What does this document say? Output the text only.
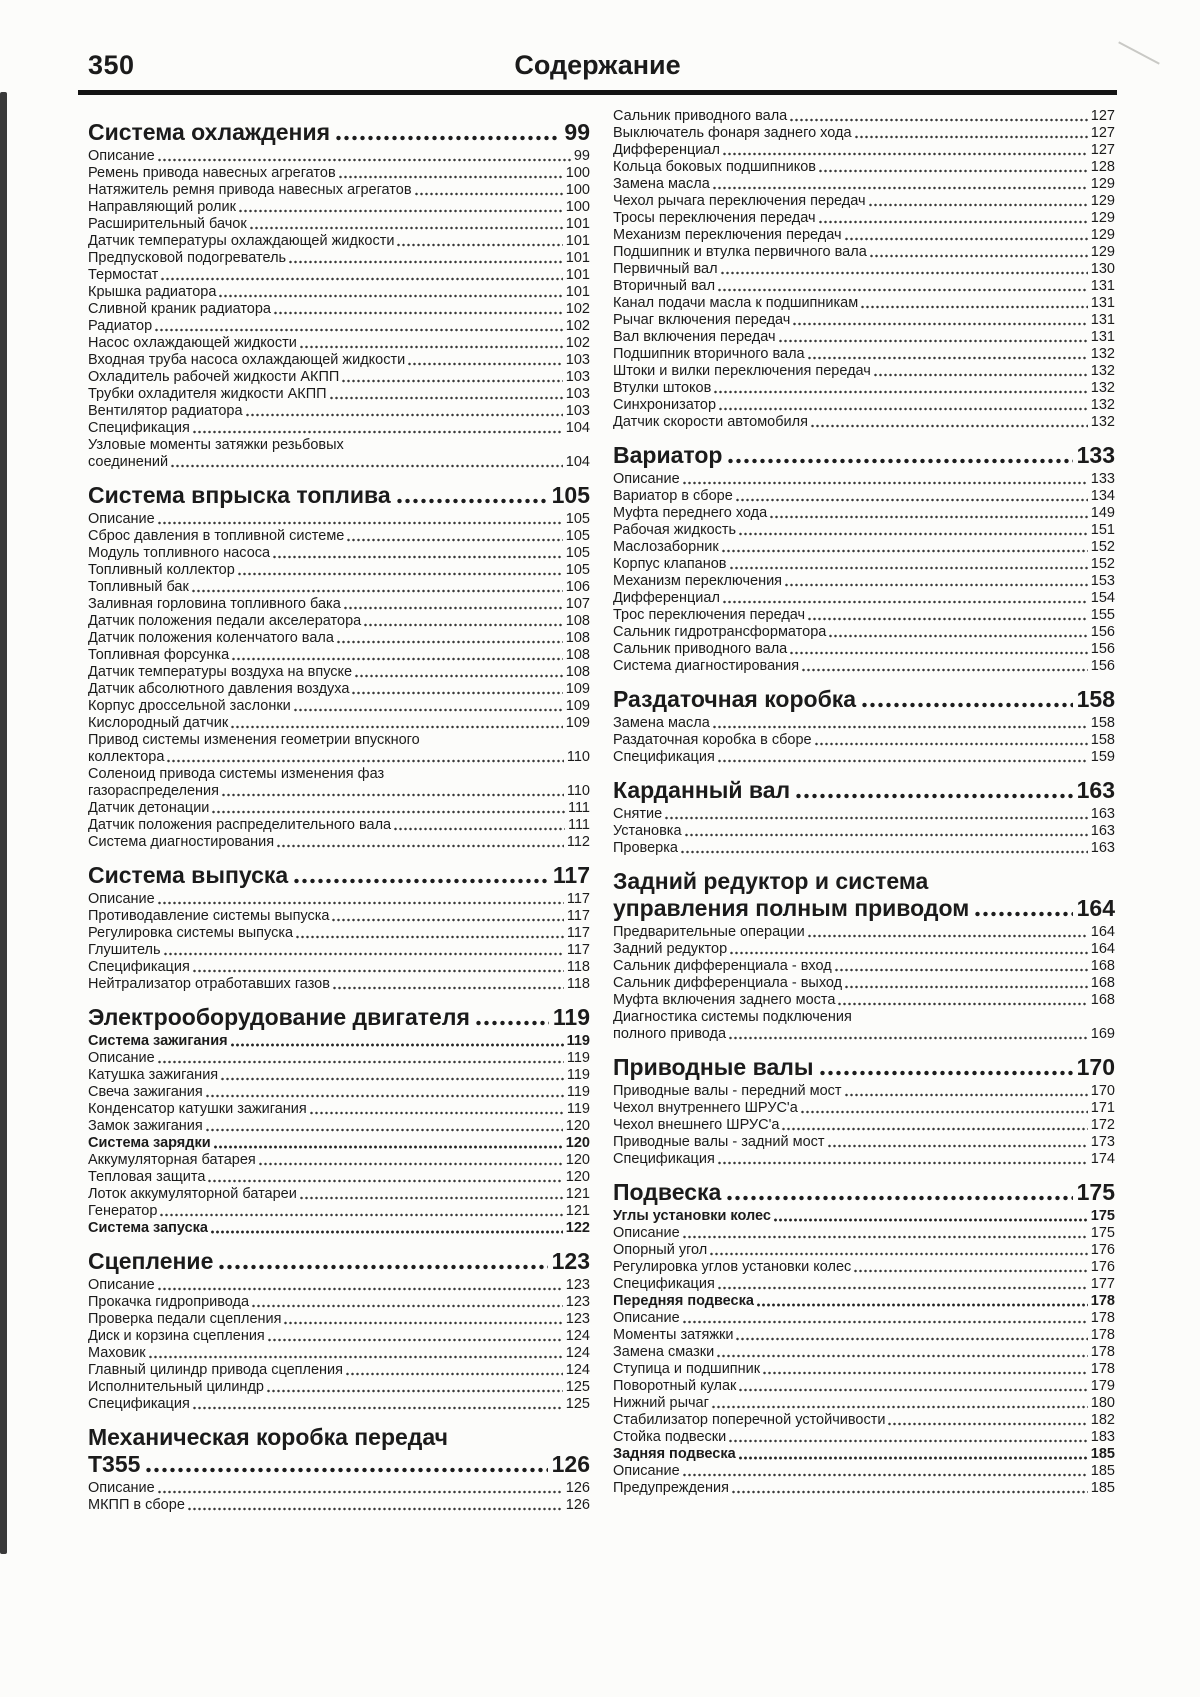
350	Содержание
Система охлаждения	99
Описание	99
Ремень привода навесных агрегатов	100
Натяжитель ремня привода навесных агрегатов	100
Направляющий ролик	100
Расширительный бачок	101
Датчик температуры охлаждающей жидкости	101
Предпусковой подогреватель	101
Термостат	101
Крышка радиатора	101
Сливной краник радиатора	102
Радиатор	102
Насос охлаждающей жидкости	102
Входная труба насоса охлаждающей жидкости	103
Охладитель рабочей жидкости АКПП	103
Трубки охладителя жидкости АКПП	103
Вентилятор радиатора	103
Спецификация	104
Узловые моменты затяжки резьбовых
соединений	104
Система впрыска топлива	105
Описание	105
Сброс давления в топливной системе	105
Модуль топливного насоса	105
Топливный коллектор	105
Топливный бак	106
Заливная горловина топливного бака	107
Датчик положения педали акселератора	108
Датчик положения коленчатого вала	108
Топливная форсунка	108
Датчик температуры воздуха на впуске	108
Датчик абсолютного давления воздуха	109
Корпус дроссельной заслонки	109
Кислородный датчик	109
Привод системы изменения геометрии впускного
коллектора	110
Соленоид привода системы изменения фаз
газораспределения	110
Датчик детонации	111
Датчик положения распределительного вала	111
Система диагностирования	112
Система выпуска	117
Описание	117
Противодавление системы выпуска	117
Регулировка системы выпуска	117
Глушитель	117
Спецификация	118
Нейтрализатор отработавших газов	118
Электрооборудование двигателя	119
Система зажигания	119
Описание	119
Катушка зажигания	119
Свеча зажигания	119
Конденсатор катушки зажигания	119
Замок зажигания	120
Система зарядки	120
Аккумуляторная батарея	120
Тепловая защита	120
Лоток аккумуляторной батареи	121
Генератор	121
Система запуска	122
Сцепление	123
Описание	123
Прокачка гидропривода	123
Проверка педали сцепления	123
Диск и корзина сцепления	124
Маховик	124
Главный цилиндр привода сцепления	124
Исполнительный цилиндр	125
Спецификация	125
Механическая коробка передач
Т355	126
Описание	126
МКПП в сборе	126
Сальник приводного вала	127
Выключатель фонаря заднего хода	127
Дифференциал	127
Кольца боковых подшипников	128
Замена масла	129
Чехол рычага переключения передач	129
Тросы переключения передач	129
Механизм переключения передач	129
Подшипник и втулка первичного вала	129
Первичный вал	130
Вторичный вал	131
Канал подачи масла к подшипникам	131
Рычаг включения передач	131
Вал включения передач	131
Подшипник вторичного вала	132
Штоки и вилки переключения передач	132
Втулки штоков	132
Синхронизатор	132
Датчик скорости автомобиля	132
Вариатор	133
Описание	133
Вариатор в сборе	134
Муфта переднего хода	149
Рабочая жидкость	151
Маслозаборник	152
Корпус клапанов	152
Механизм переключения	153
Дифференциал	154
Трос переключения передач	155
Сальник гидротрансформатора	156
Сальник приводного вала	156
Система диагностирования	156
Раздаточная коробка	158
Замена масла	158
Раздаточная коробка в сборе	158
Спецификация	159
Карданный вал	163
Снятие	163
Установка	163
Проверка	163
Задний редуктор и система
управления полным приводом	164
Предварительные операции	164
Задний редуктор	164
Сальник дифференциала - вход	168
Сальник дифференциала - выход	168
Муфта включения заднего моста	168
Диагностика системы подключения
полного привода	169
Приводные валы	170
Приводные валы - передний мост	170
Чехол внутреннего ШРУС'а	171
Чехол внешнего ШРУС'а	172
Приводные валы - задний мост	173
Спецификация	174
Подвеска	175
Углы установки колес	175
Описание	175
Опорный угол	176
Регулировка углов установки колес	176
Спецификация	177
Передняя подвеска	178
Описание	178
Моменты затяжки	178
Замена смазки	178
Ступица и подшипник	178
Поворотный кулак	179
Нижний рычаг	180
Стабилизатор поперечной устойчивости	182
Стойка подвески	183
Задняя подвеска	185
Описание	185
Предупреждения	185
